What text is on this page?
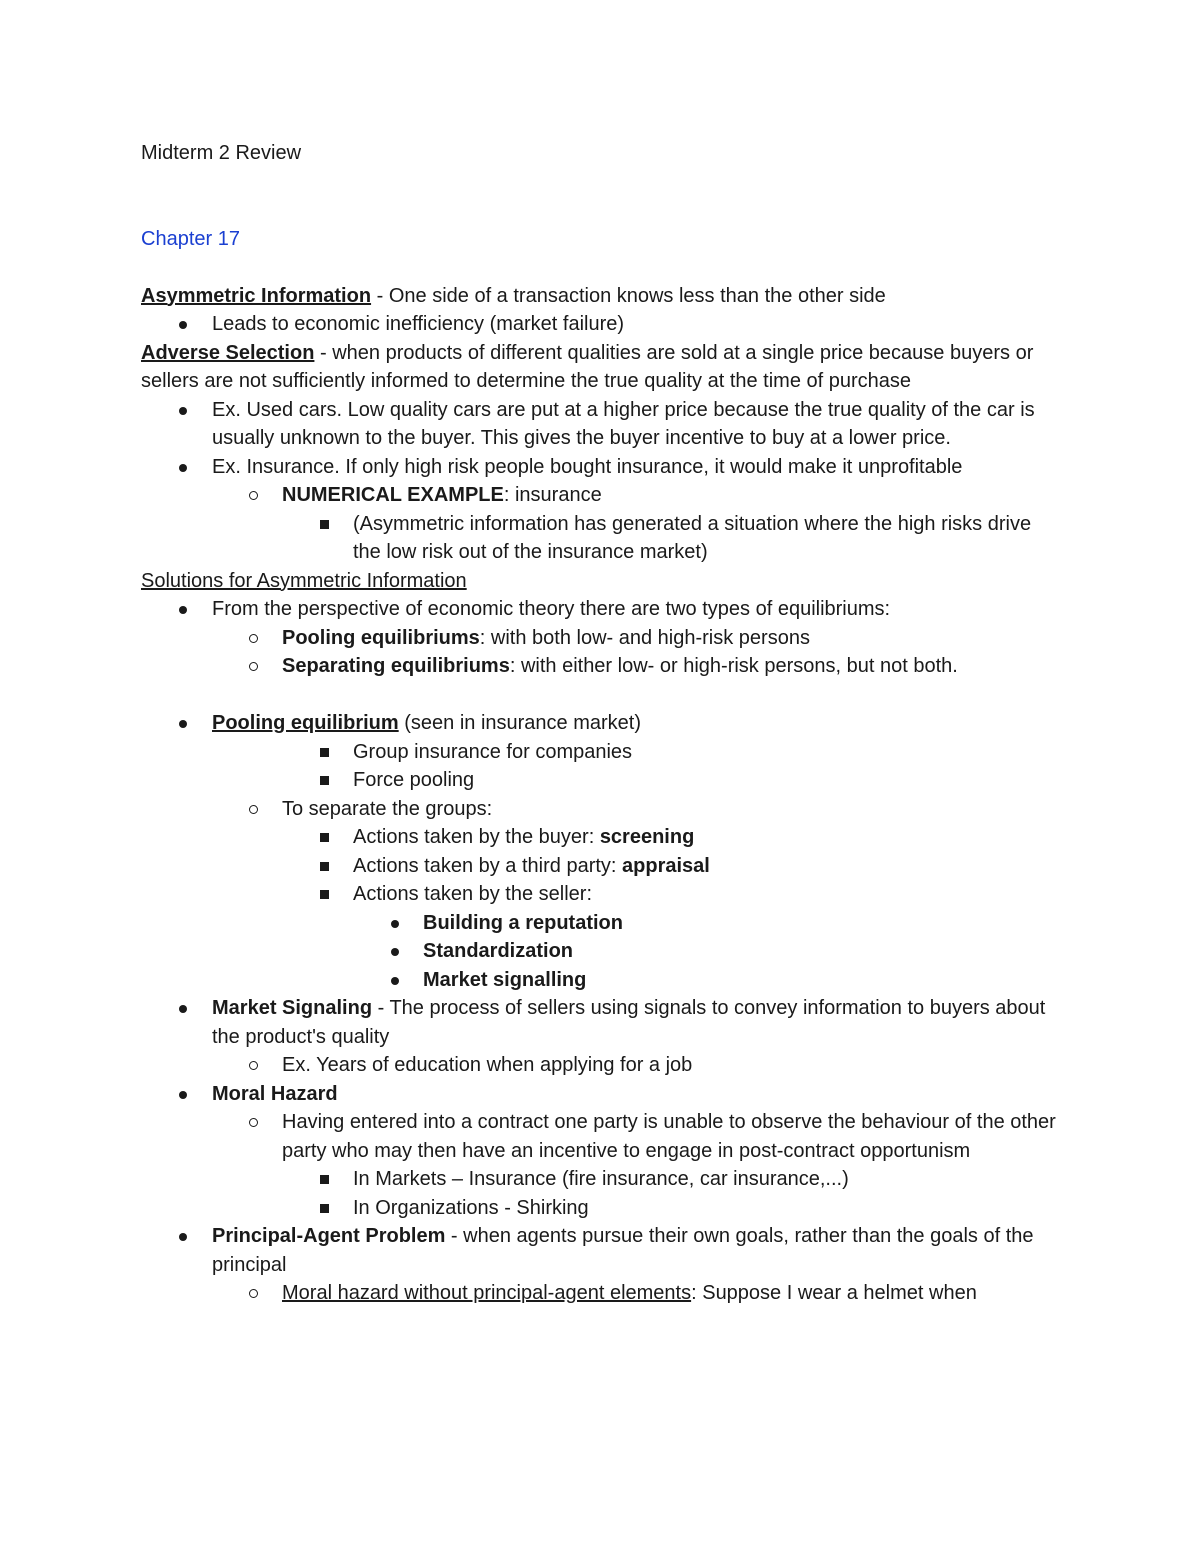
Midterm 2 Review
Chapter 17

Asymmetric Information - One side of a transaction knows less than the other side

Leads to economic inefficiency (market failure)

Adverse Selection - when products of different qualities are sold at a single price because buyers or sellers are not sufficiently informed to determine the true quality at the time of purchase

Ex. Used cars. Low quality cars are put at a higher price because the true quality of the car is usually unknown to the buyer. This gives the buyer incentive to buy at a lower price.
Ex. Insurance. If only high risk people bought insurance, it would make it unprofitable
NUMERICAL EXAMPLE: insurance
(Asymmetric information has generated a situation where the high risks drive the low risk out of the insurance market)

Solutions for Asymmetric Information

From the perspective of economic theory there are two types of equilibriums:
Pooling equilibriums: with both low- and high-risk persons
Separating equilibriums: with either low- or high-risk persons, but not both.
Pooling equilibrium (seen in insurance market)
Group insurance for companies
Force pooling
To separate the groups:
Actions taken by the buyer: screening
Actions taken by a third party: appraisal
Actions taken by the seller:
Building a reputation
Standardization
Market signalling
Market Signaling - The process of sellers using signals to convey information to buyers about the product's quality
Ex. Years of education when applying for a job
Moral Hazard
Having entered into a contract one party is unable to observe the behaviour of the other party who may then have an incentive to engage in post-contract opportunism
In Markets – Insurance (fire insurance, car insurance,...)
In Organizations - Shirking
Principal-Agent Problem - when agents pursue their own goals, rather than the goals of the principal
Moral hazard without principal-agent elements: Suppose I wear a helmet when
